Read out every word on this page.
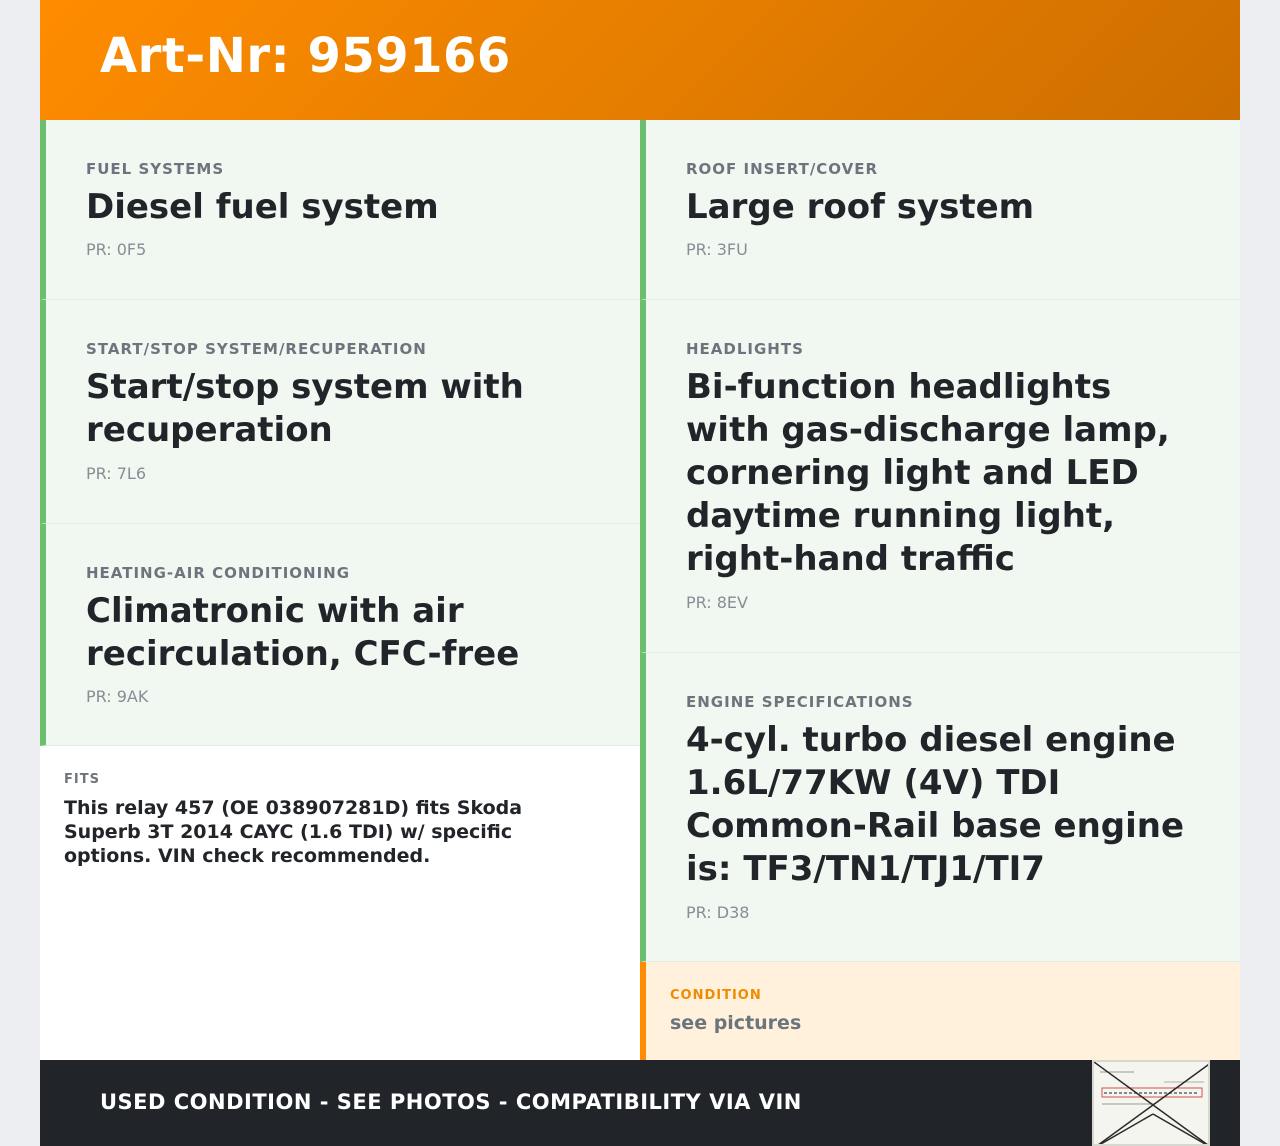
Art-Nr: 959166
FUEL SYSTEMS
Diesel fuel system
PR: 0F5
START/STOP SYSTEM/RECUPERATION
Start/stop system with recuperation
PR: 7L6
HEATING-AIR CONDITIONING
Climatronic with air recirculation, CFC-free
PR: 9AK
FITS
This relay 457 (OE 038907281D) fits Skoda Superb 3T 2014 CAYC (1.6 TDI) w/ specific options. VIN check recommended.
ROOF INSERT/COVER
Large roof system
PR: 3FU
HEADLIGHTS
Bi-function headlights with gas-discharge lamp, cornering light and LED daytime running light, right-hand traffic
PR: 8EV
ENGINE SPECIFICATIONS
4-cyl. turbo diesel engine 1.6L/77KW (4V) TDI Common-Rail base engine is: TF3/TN1/TJ1/TI7
PR: D38
CONDITION
see pictures
USED CONDITION - SEE PHOTOS - COMPATIBILITY VIA VIN
